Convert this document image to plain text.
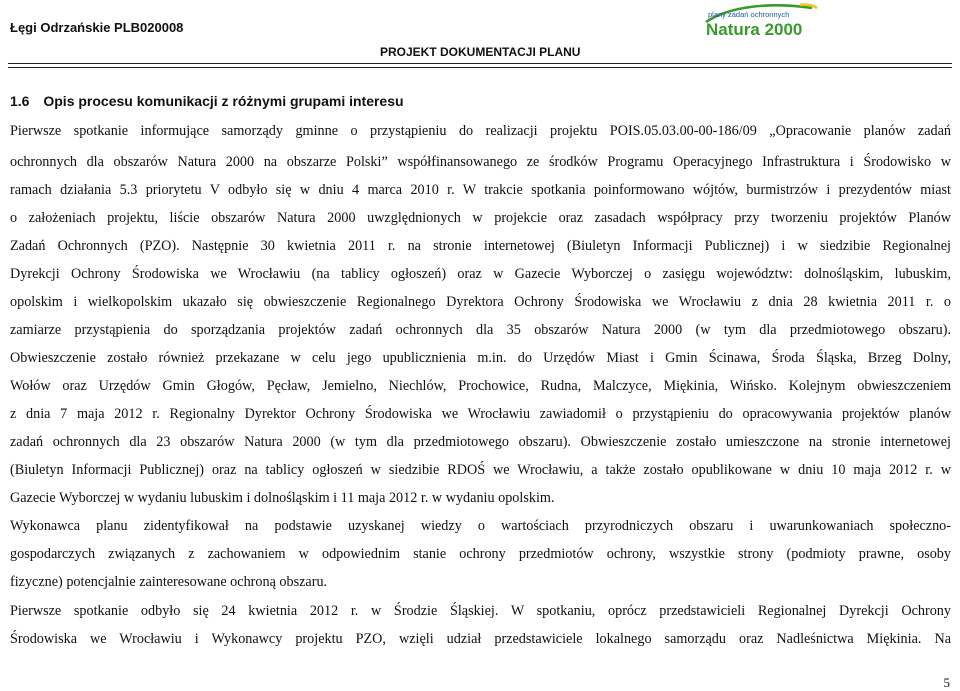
Łęgi Odrzańskie PLB020008
plany zadań ochronnych
Natura 2000
PROJEKT DOKUMENTACJI PLANU
1.6 Opis procesu komunikacji z różnymi grupami interesu
Pierwsze spotkanie informujące samorządy gminne o przystąpieniu do realizacji projektu POIS.05.03.00-00-186/09 „Opracowanie planów zadań
ochronnych dla obszarów Natura 2000 na obszarze Polski” współfinansowanego ze środków Programu Operacyjnego Infrastruktura i Środowisko w
ramach działania 5.3 priorytetu V odbyło się w dniu 4 marca 2010 r. W trakcie spotkania poinformowano wójtów, burmistrzów i prezydentów miast
o założeniach projektu, liście obszarów Natura 2000 uwzględnionych w projekcie oraz zasadach współpracy przy tworzeniu projektów Planów
Zadań Ochronnych (PZO). Następnie 30 kwietnia 2011 r. na stronie internetowej (Biuletyn Informacji Publicznej) i w siedzibie Regionalnej
Dyrekcji Ochrony Środowiska we Wrocławiu (na tablicy ogłoszeń) oraz w Gazecie Wyborczej o zasięgu województw: dolnośląskim, lubuskim,
opolskim i wielkopolskim ukazało się obwieszczenie Regionalnego Dyrektora Ochrony Środowiska we Wrocławiu z dnia 28 kwietnia 2011 r. o
zamiarze przystąpienia do sporządzania projektów zadań ochronnych dla 35 obszarów Natura 2000 (w tym dla przedmiotowego obszaru).
Obwieszczenie zostało również przekazane w celu jego upublicznienia m.in. do Urzędów Miast i Gmin Ścinawa, Środa Śląska, Brzeg Dolny,
Wołów oraz Urzędów Gmin Głogów, Pęcław, Jemielno, Niechlów, Prochowice, Rudna, Malczyce, Miękinia, Wińsko. Kolejnym obwieszczeniem
z dnia 7 maja 2012 r. Regionalny Dyrektor Ochrony Środowiska we Wrocławiu zawiadomił o przystąpieniu do opracowywania projektów planów
zadań ochronnych dla 23 obszarów Natura 2000 (w tym dla przedmiotowego obszaru). Obwieszczenie zostało umieszczone na stronie internetowej
(Biuletyn Informacji Publicznej) oraz na tablicy ogłoszeń w siedzibie RDOŚ we Wrocławiu, a także zostało opublikowane w dniu 10 maja 2012 r. w
Gazecie Wyborczej w wydaniu lubuskim i dolnośląskim i 11 maja 2012 r. w wydaniu opolskim.
Wykonawca planu zidentyfikował na podstawie uzyskanej wiedzy o wartościach przyrodniczych obszaru i uwarunkowaniach społeczno-
gospodarczych związanych z zachowaniem w odpowiednim stanie ochrony przedmiotów ochrony, wszystkie strony (podmioty prawne, osoby
fizyczne) potencjalnie zainteresowane ochroną obszaru.
Pierwsze spotkanie odbyło się 24 kwietnia 2012 r. w Środzie Śląskiej. W spotkaniu, oprócz przedstawicieli Regionalnej Dyrekcji Ochrony
Środowiska we Wrocławiu i Wykonawcy projektu PZO, wzięli udział przedstawiciele lokalnego samorządu oraz Nadleśnictwa Miękinia. Na
5
